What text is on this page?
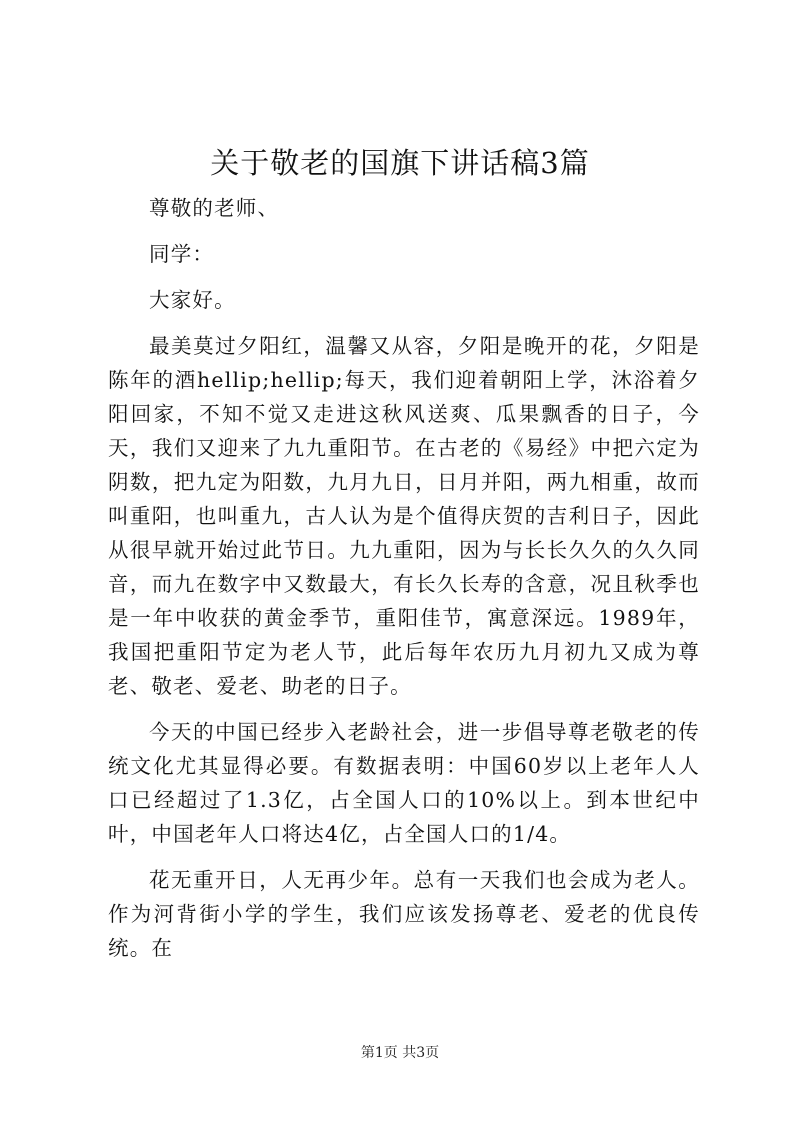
关于敬老的国旗下讲话稿3篇

尊敬的老师、

同学：

大家好。

最美莫过夕阳红，温馨又从容，夕阳是晚开的花，夕阳是陈年的酒hellip;hellip;每天，我们迎着朝阳上学，沐浴着夕阳回家，不知不觉又走进这秋风送爽、瓜果飘香的日子，今天，我们又迎来了九九重阳节。在古老的《易经》中把六定为阴数，把九定为阳数，九月九日，日月并阳，两九相重，故而叫重阳，也叫重九，古人认为是个值得庆贺的吉利日子，因此从很早就开始过此节日。九九重阳，因为与长长久久的久久同音，而九在数字中又数最大，有长久长寿的含意，况且秋季也是一年中收获的黄金季节，重阳佳节，寓意深远。1989年，我国把重阳节定为老人节，此后每年农历九月初九又成为尊老、敬老、爱老、助老的日子。

今天的中国已经步入老龄社会，进一步倡导尊老敬老的传统文化尤其显得必要。有数据表明：中国60岁以上老年人人口已经超过了1.3亿，占全国人口的10%以上。到本世纪中叶，中国老年人口将达4亿，占全国人口的1/4。

花无重开日，人无再少年。总有一天我们也会成为老人。作为河背街小学的学生，我们应该发扬尊老、爱老的优良传统。在

第1页 共3页
